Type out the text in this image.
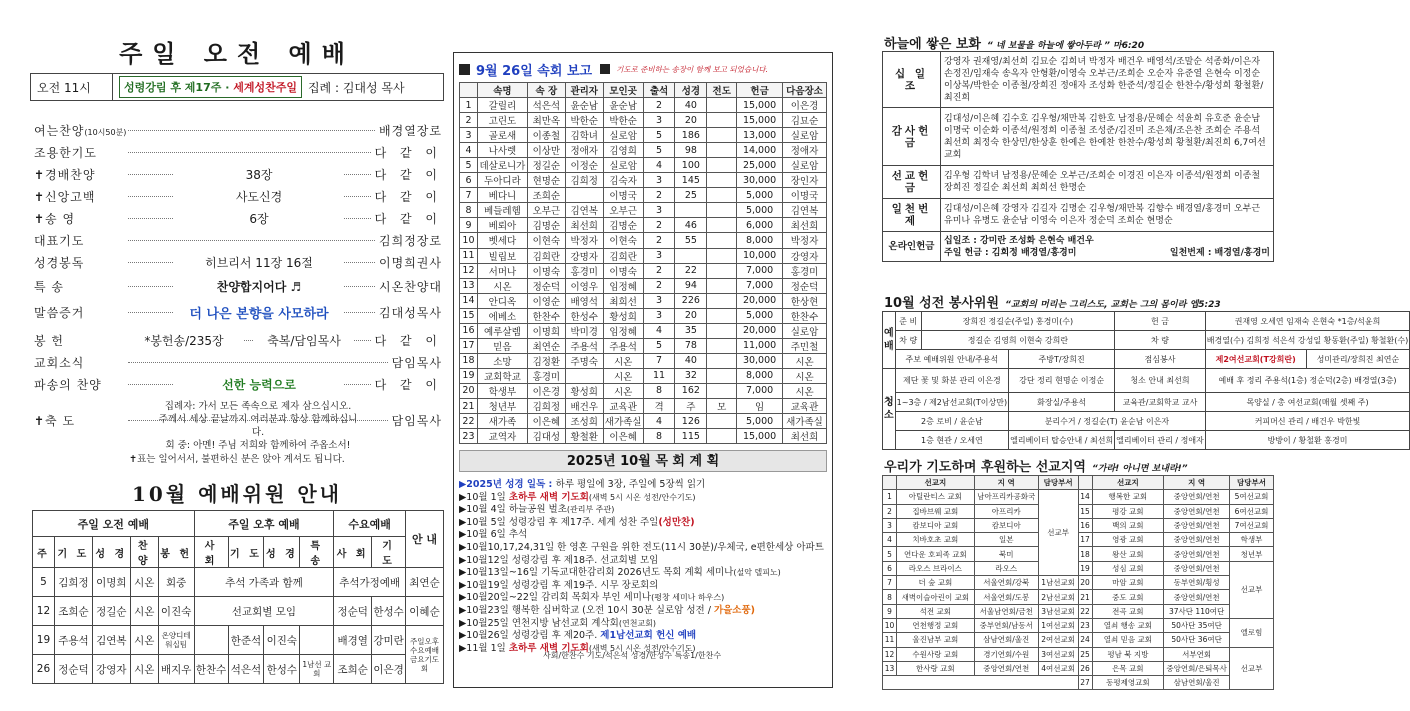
주일 오전 예배
오전 11시	성령강림 후 제17주 · 세계성찬주일 집례 : 김대성 목사
여는찬양(10시50분)	배경열장로
조용한기도	다 같 이
✝경배찬양	38장	다 같 이
✝신앙고백	사도신경	다 같 이
✝송 영	6장	다 같 이
대표기도	김희정장로
성경봉독	히브리서 11장 16절	이명희권사
특 송	찬양합지어다 ♬	시온찬양대
말씀증거	더 나은 본향을 사모하라	김대성목사
봉 헌	*봉헌송/235장	축복/담임목사	다 같 이
교회소식	담임목사
파송의 찬양	선한 능력으로	다 같 이
✝축 도	담임목사
집례자: 가서 모든 족속으로 제자 삼으십시오.
주께서 세상 끝날까지 여러분과 항상 함께하십니다.
회 중: 아멘! 주님 저희와 함께하여 주옵소서!
✝표는 일어서서, 불편하신 분은 앉아 계셔도 됩니다.
10월 예배위원 안내
주일 오전 예배					주일 오후 예배				수요예배		안 내
주	기 도	성 경	찬 양	봉 헌	사 회	기 도	성 경	특 송	사 회	기 도	
5	김희정	이명희	시온	회중	추석 가족과 함께				추석가정예배		최연순
12	조희순	정길순	시온	이진숙	선교회별 모임				정순덕	한성수	이혜순
19	주용석	김연복	시온	온양디테 워십팀		한준석	이진숙		배경열	강미란	주일오후 수요예배 금요기도회
26	정순덕	강영자	시온	배지우	한찬수	석은석	한성수	1남선 교회	조희순	이은경	
9월 26일 속회 보고	기도로 준비하는 송장이 함께 보고 되었습니다.
	속명	속 장	관리자	모인곳	출석	성경	전도	헌금	다음장소
1	갈릴리	석은석	윤순남	윤순남	2	40		15,000	이은경
2	고린도	최만옥	박한순	박한순	3	20		15,000	김묘순
3	골로새	이종철	김학녀	실로암	5	186		13,000	실로암
4	나사렛	이상만	정애자	김영희	5	98		14,000	정애자
5	데살로니가	정길순	이정순	실로암	4	100		25,000	실로암
6	두아디라	현명순	김희정	김숙자	3	145		30,000	장인자
7	베다니	조희순		이명국	2	25		5,000	이명국
8	베들레헴	오부근	김연복	오부근	3			5,000	김연복
9	베뢰아	김명순	최선희	김명순	2	46		6,000	최선희
10	벳세다	이현숙	박정자	이현숙	2	55		8,000	박정자
11	빌립보	김희란	강명자	김희란	3			10,000	강영자
12	서머나	이명숙	홍경미	이명숙	2	22		7,000	홍경미
13	시온	정순덕	이영우	임정혜	2	94		7,000	정순덕
14	안디옥	이영순	배영석	최희선	3	226		20,000	한상현
15	에베소	한찬수	한성수	황성희	3	20		5,000	한찬수
16	예루살렘	이명희	박미경	임정혜	4	35		20,000	실로암
17	믿음	최연순	주용석	주용석	5	78		11,000	주민철
18	소망	김정환	주명숙	시온	7	40		30,000	시온
19	교회학교	홍경미		시온	11	32		8,000	시온
20	학생부	이은경	황성희	시온	8	162		7,000	시온
21	청년부	김희정	배건우	교육관	격	주	모	임	교육관
22	새가족	이은혜	조성희	새가족실	4	126		5,000	새가족실
23	교역자	김대성	황철환	이은혜	8	115		15,000	최선희
2025년 10월 목 회 계 획
▶2025년 성경 일독 : 하루 평일에 3장, 주일에 5장씩 읽기
▶10월 1일 초하루 새벽 기도회(새벽 5시 시온 성전/안수기도)
▶10월 4일 하늘공원 벌초(관리부 주관)
▶10월 5일 성령강림 후 제17주. 세계 성찬 주일(성만찬)
▶10월 6일 추석
▶10월10,17,24,31일 한 영혼 구원을 위한 전도(11시 30분)/우체국, e편한세상 아파트
▶10월12일 성령강림 후 제18주. 선교회별 모임
▶10월13일~16일 기독교대한감리회 2026년도 목회 계획 세미나(설악 델피노)
▶10월19일 성령강림 후 제19주. 시무 장로회의
▶10월20일~22일 감리회 목회자 부인 세미나(평창 세미나 하우스)
▶10월23일 행복한 십버학교 (오전 10시 30분 실로암 성전 / 가을소풍)
▶10월25일 연천지방 남선교회 계삭회(연천교회)
▶10월26일 성령강림 후 제20주. 제1남선교회 헌신 예배
▶11월 1일 초하루 새벽 기도회(새벽 5시 시온 성전/안수기도)
사회/한찬수 기도/석은석 성경/한성수 특송1/한찬수
하늘에 쌓은 보화 “ 네 보물을 하늘에 쌓아두라 ” 마6:20
십 일 조	강영자 권재영/최선희 김묘순 김희녀 박정자 배건우 배영석/조말순 석종화/이은자 손정진/임재숙 송옥자 안형환/이영숙 오부근/조희순 오순자 유준열 은현숙 이정순 이상복/박한순 이종철/장희진 정애자 조성화 한준석/정길순 한찬수/황성희 황철환/최진희
감사헌금	김대성/이은혜 김수호 김우형/채만복 김한호 남정용/문혜순 석윤희 유호준 윤순남 이명국 이순화 이종석/원정희 이종철 조성준/김진미 조은채/조은찬 조희순 주용석 최선희 최정숙 한상민/한상훈 한예은 한예찬 한찬수/황성희 황철환/최진희 6,7여선교회
선교헌금	김우형 김학녀 남정용/문혜순 오부근/조희순 이경진 이은자 이종석/원정희 이종철 장희진 정길순 최선희 최희선 한명순
일천번제	김대성/이은혜 강영자 김길자 김명순 김우형/채만복 김향수 배경열/홍경미 오부근 유미나 유병도 윤순남 이영숙 이은자 정순덕 조희순 현명순
온라인헌금	십일조 : 강미란 조성화 은현숙 배건우
주일 헌금 : 김희정 배경열/홍경미 일천번제 : 배경열/홍경미
10월 성전 봉사위원 “교회의 머리는 그리스도, 교회는 그의 몸이라 엡5:23
예 배	준 비	장희진 정길순(주일) 홍경미(수)		헌 금	권재영 오세연 임재숙 은현숙 *1층/석윤희	
	차 량	정길순 김영희 이현숙 강희란		차 량	배경열(수) 김희정 석은석 강성일 황동환(주일) 황철환(수)	
	주보 예배위원 안내/주용석		주방T/장희진	점심봉사	제2여선교회(T강희란)	성미관리/장희진 최연순
청 소	제단 꽃 및 화분 관리 이은경		강단 정리 현명순 이정순	청소 안내 최선희	예배 후 정리 주용석(1층) 정순덕(2층) 배경열(3층)	
	1~3층 / 제2남선교회(T이상만)		화장실/주용석	교육관/교회학교 교사	목양실 / 총 여선교회(매월 셋째 주)	
	2층 로비 / 윤순남		분리수거 / 정길순(T) 윤순남 이은자		커피머신 관리 / 배건우 박한빛	
	1층 현관 / 오세연		엘리베이터 탑승안내 / 최선희	엘리베이터 관리 / 정애자	방방이 / 황철환 홍경미	
우리가 기도하며 후원하는 선교지역 “가라! 아니면 보내라!”
	선교지	지 역	담당부서		선교지	지 역	담당부서
1	아틸란티스 교회	남아프리카공화국	선교부	14	행복한 교회	중앙연회/연천	5여선교회
2	집바브웨 교회	아프리카		15	평강 교회	중앙연회/연천	6여선교회
3	캄보디아 교회	캄보디아		16	백의 교회	중앙연회/연천	7여선교회
4	치바호초 교회	일본		17	영광 교회	중앙연회/연천	학생부
5	연다운 호피족 교회	북미		18	왕산 교회	중앙연회/연천	청년부
6	라오스 브라이스	라오스		19	성심 교회	중앙연회/연천	선교부
7	더 숲 교회	서울연회/강북	1남선교회	20	마암 교회	동부연회/횡성	
8	새벽이슬아린이 교회	서울연회/도봉	2남선교회	21	중도 교회	중앙연회/연천	
9	석전 교회	서울남연회/금천	3남선교회	22	전곡 교회	37사단 110여단	
10	연천행정 교회	중부연회/남동서	1여선교회	23	열쇠 행송 교회	50사단 35여단	엘로힘
11	울진남부 교회	삼남연회/울진	2여선교회	24	열쇠 믿음 교회	50사단 36여단	
12	수원사랑 교회	경기연회/수원	3여선교회	25	평남 북 지방	서부연회	선교부
13	한사랑 교회	중앙연회/연천	4여선교회	26	은목 교회	중앙연회/은퇴목사	
				27	동평제영교회	삼남연회/울진	
